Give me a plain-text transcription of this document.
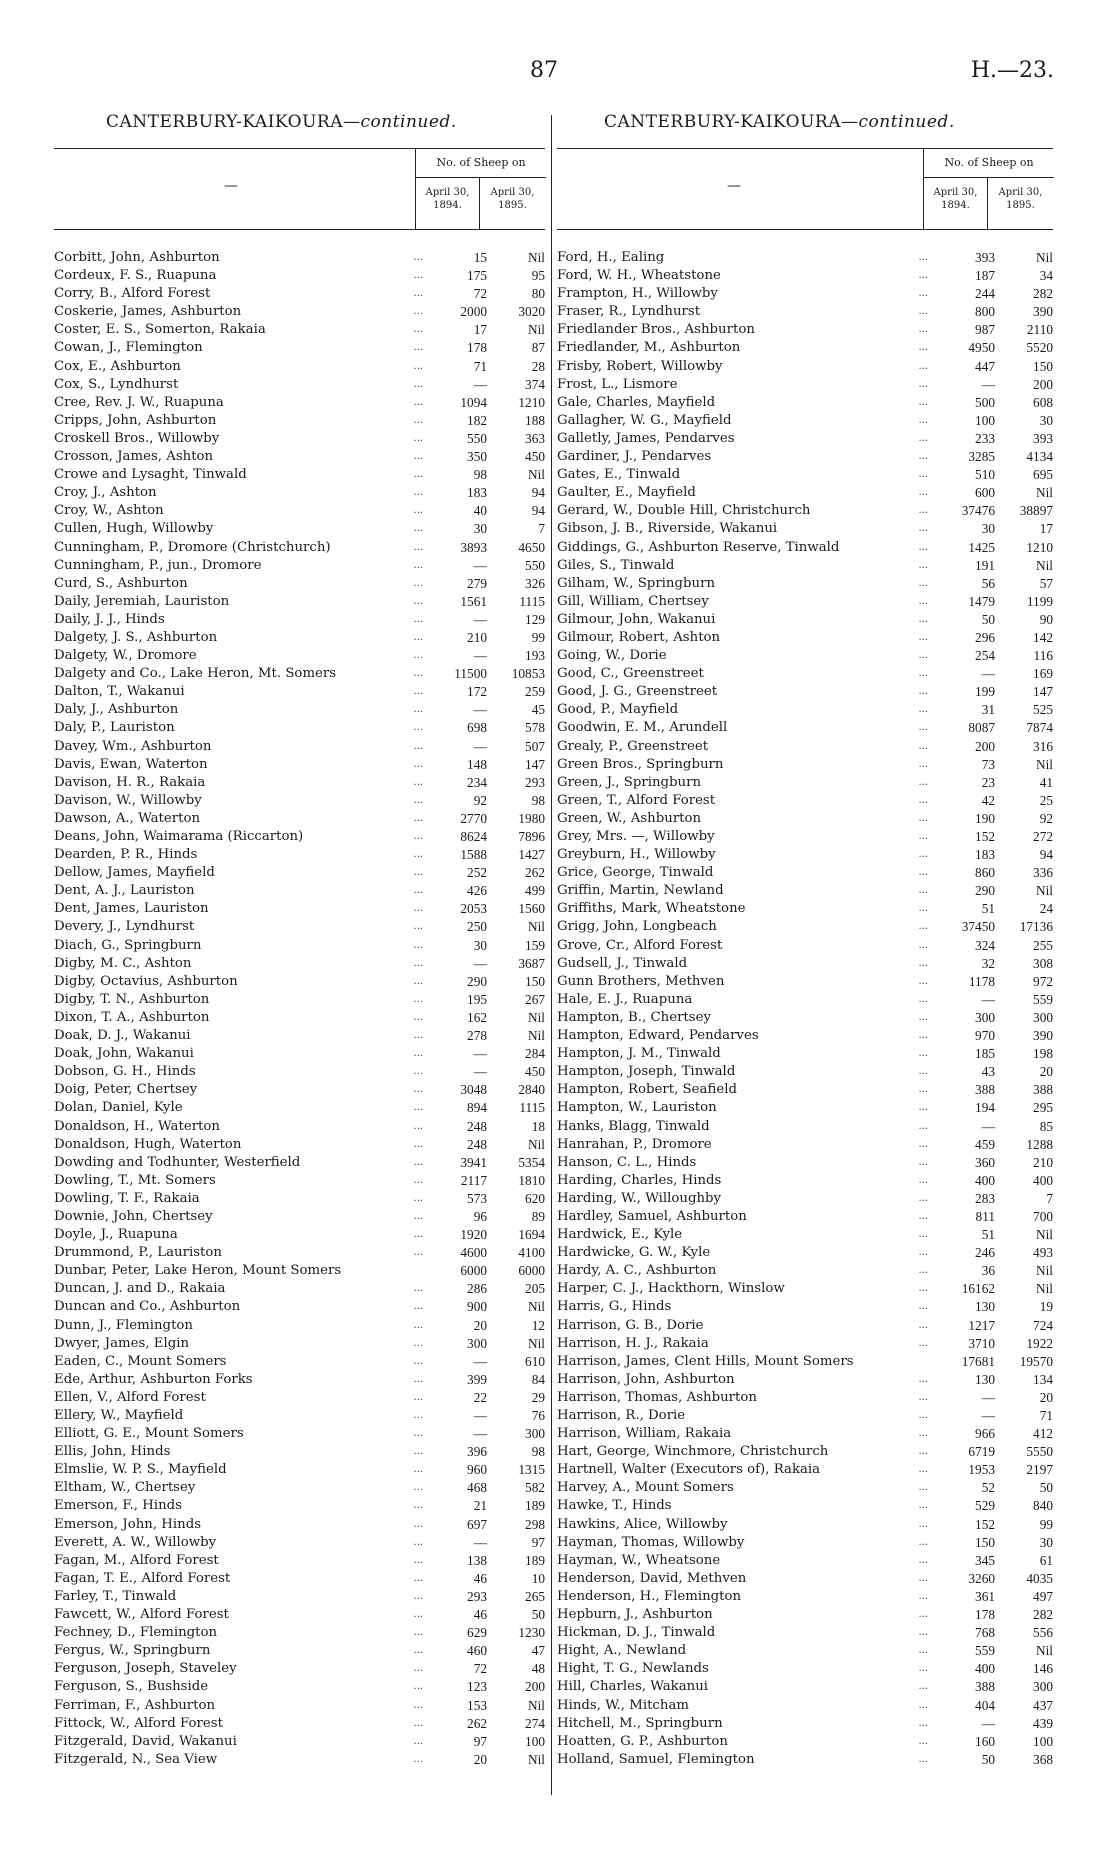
87	H.—23.
CANTERBURY-KAIKOURA—continued.	CANTERBURY-KAIKOURA—continued.
—
No. of Sheep on
April 30, 1894.
April 30, 1895.
Corbitt, John, Ashburton	...	15	Nil
Cordeux, F. S., Ruapuna	...	175	95
Corry, B., Alford Forest	...	72	80
Coskerie, James, Ashburton	...	2000	3020
Coster, E. S., Somerton, Rakaia	...	17	Nil
Cowan, J., Flemington	...	178	87
Cox, E., Ashburton	...	71	28
Cox, S., Lyndhurst	...	—	374
Cree, Rev. J. W., Ruapuna	...	1094	1210
Cripps, John, Ashburton	...	182	188
Croskell Bros., Willowby	...	550	363
Crosson, James, Ashton	...	350	450
Crowe and Lysaght, Tinwald	...	98	Nil
Croy, J., Ashton	...	183	94
Croy, W., Ashton	...	40	94
Cullen, Hugh, Willowby	...	30	7
Cunningham, P., Dromore (Christchurch)	...	3893	4650
Cunningham, P., jun., Dromore	...	—	550
Curd, S., Ashburton	...	279	326
Daily, Jeremiah, Lauriston	...	1561	1115
Daily, J. J., Hinds	...	—	129
Dalgety, J. S., Ashburton	...	210	99
Dalgety, W., Dromore	...	—	193
Dalgety and Co., Lake Heron, Mt. Somers	...	11500	10853
Dalton, T., Wakanui	...	172	259
Daly, J., Ashburton	...	—	45
Daly, P., Lauriston	...	698	578
Davey, Wm., Ashburton	...	—	507
Davis, Ewan, Waterton	...	148	147
Davison, H. R., Rakaia	...	234	293
Davison, W., Willowby	...	92	98
Dawson, A., Waterton	...	2770	1980
Deans, John, Waimarama (Riccarton)	...	8624	7896
Dearden, P. R., Hinds	...	1588	1427
Dellow, James, Mayfield	...	252	262
Dent, A. J., Lauriston	...	426	499
Dent, James, Lauriston	...	2053	1560
Devery, J., Lyndhurst	...	250	Nil
Diach, G., Springburn	...	30	159
Digby, M. C., Ashton	...	—	3687
Digby, Octavius, Ashburton	...	290	150
Digby, T. N., Ashburton	...	195	267
Dixon, T. A., Ashburton	...	162	Nil
Doak, D. J., Wakanui	...	278	Nil
Doak, John, Wakanui	...	—	284
Dobson, G. H., Hinds	...	—	450
Doig, Peter, Chertsey	...	3048	2840
Dolan, Daniel, Kyle	...	894	1115
Donaldson, H., Waterton	...	248	18
Donaldson, Hugh, Waterton	...	248	Nil
Dowding and Todhunter, Westerfield	...	3941	5354
Dowling, T., Mt. Somers	...	2117	1810
Dowling, T. F., Rakaia	...	573	620
Downie, John, Chertsey	...	96	89
Doyle, J., Ruapuna	...	1920	1694
Drummond, P., Lauriston	...	4600	4100
Dunbar, Peter, Lake Heron, Mount Somers	6000	6000
Duncan, J. and D., Rakaia	...	286	205
Duncan and Co., Ashburton	...	900	Nil
Dunn, J., Flemington	...	20	12
Dwyer, James, Elgin	...	300	Nil
Eaden, C., Mount Somers	...	—	610
Ede, Arthur, Ashburton Forks	...	399	84
Ellen, V., Alford Forest	...	22	29
Ellery, W., Mayfield	...	—	76
Elliott, G. E., Mount Somers	...	—	300
Ellis, John, Hinds	...	396	98
Elmslie, W. P. S., Mayfield	...	960	1315
Eltham, W., Chertsey	...	468	582
Emerson, F., Hinds	...	21	189
Emerson, John, Hinds	...	697	298
Everett, A. W., Willowby	...	—	97
Fagan, M., Alford Forest	...	138	189
Fagan, T. E., Alford Forest	...	46	10
Farley, T., Tinwald	...	293	265
Fawcett, W., Alford Forest	...	46	50
Fechney, D., Flemington	...	629	1230
Fergus, W., Springburn	...	460	47
Ferguson, Joseph, Staveley	...	72	48
Ferguson, S., Bushside	...	123	200
Ferriman, F., Ashburton	...	153	Nil
Fittock, W., Alford Forest	...	262	274
Fitzgerald, David, Wakanui	...	97	100
Fitzgerald, N., Sea View	...	20	Nil
—
No. of Sheep on
April 30, 1894.
April 30, 1895.
Ford, H., Ealing	...	393	Nil
Ford, W. H., Wheatstone	...	187	34
Frampton, H., Willowby	...	244	282
Fraser, R., Lyndhurst	...	800	390
Friedlander Bros., Ashburton	...	987	2110
Friedlander, M., Ashburton	...	4950	5520
Frisby, Robert, Willowby	...	447	150
Frost, L., Lismore	...	—	200
Gale, Charles, Mayfield	...	500	608
Gallagher, W. G., Mayfield	...	100	30
Galletly, James, Pendarves	...	233	393
Gardiner, J., Pendarves	...	3285	4134
Gates, E., Tinwald	...	510	695
Gaulter, E., Mayfield	...	600	Nil
Gerard, W., Double Hill, Christchurch	...	37476	38897
Gibson, J. B., Riverside, Wakanui	...	30	17
Giddings, G., Ashburton Reserve, Tinwald	...	1425	1210
Giles, S., Tinwald	...	191	Nil
Gilham, W., Springburn	...	56	57
Gill, William, Chertsey	...	1479	1199
Gilmour, John, Wakanui	...	50	90
Gilmour, Robert, Ashton	...	296	142
Going, W., Dorie	...	254	116
Good, C., Greenstreet	...	—	169
Good, J. G., Greenstreet	...	199	147
Good, P., Mayfield	...	31	525
Goodwin, E. M., Arundell	...	8087	7874
Grealy, P., Greenstreet	...	200	316
Green Bros., Springburn	...	73	Nil
Green, J., Springburn	...	23	41
Green, T., Alford Forest	...	42	25
Green, W., Ashburton	...	190	92
Grey, Mrs. —, Willowby	...	152	272
Greyburn, H., Willowby	...	183	94
Grice, George, Tinwald	...	860	336
Griffin, Martin, Newland	...	290	Nil
Griffiths, Mark, Wheatstone	...	51	24
Grigg, John, Longbeach	...	37450	17136
Grove, Cr., Alford Forest	...	324	255
Gudsell, J., Tinwald	...	32	308
Gunn Brothers, Methven	...	1178	972
Hale, E. J., Ruapuna	...	—	559
Hampton, B., Chertsey	...	300	300
Hampton, Edward, Pendarves	...	970	390
Hampton, J. M., Tinwald	...	185	198
Hampton, Joseph, Tinwald	...	43	20
Hampton, Robert, Seafield	...	388	388
Hampton, W., Lauriston	...	194	295
Hanks, Blagg, Tinwald	...	—	85
Hanrahan, P., Dromore	...	459	1288
Hanson, C. L., Hinds	...	360	210
Harding, Charles, Hinds	...	400	400
Harding, W., Willoughby	...	283	7
Hardley, Samuel, Ashburton	...	811	700
Hardwick, E., Kyle	...	51	Nil
Hardwicke, G. W., Kyle	...	246	493
Hardy, A. C., Ashburton	...	36	Nil
Harper, C. J., Hackthorn, Winslow	...	16162	Nil
Harris, G., Hinds	...	130	19
Harrison, G. B., Dorie	...	1217	724
Harrison, H. J., Rakaia	...	3710	1922
Harrison, James, Clent Hills, Mount Somers	17681	19570
Harrison, John, Ashburton	...	130	134
Harrison, Thomas, Ashburton	...	—	20
Harrison, R., Dorie	...	—	71
Harrison, William, Rakaia	...	966	412
Hart, George, Winchmore, Christchurch	...	6719	5550
Hartnell, Walter (Executors of), Rakaia	...	1953	2197
Harvey, A., Mount Somers	...	52	50
Hawke, T., Hinds	...	529	840
Hawkins, Alice, Willowby	...	152	99
Hayman, Thomas, Willowby	...	150	30
Hayman, W., Wheatsone	...	345	61
Henderson, David, Methven	...	3260	4035
Henderson, H., Flemington	...	361	497
Hepburn, J., Ashburton	...	178	282
Hickman, D. J., Tinwald	...	768	556
Hight, A., Newland	...	559	Nil
Hight, T. G., Newlands	...	400	146
Hill, Charles, Wakanui	...	388	300
Hinds, W., Mitcham	...	404	437
Hitchell, M., Springburn	...	—	439
Hoatten, G. P., Ashburton	...	160	100
Holland, Samuel, Flemington	...	50	368
